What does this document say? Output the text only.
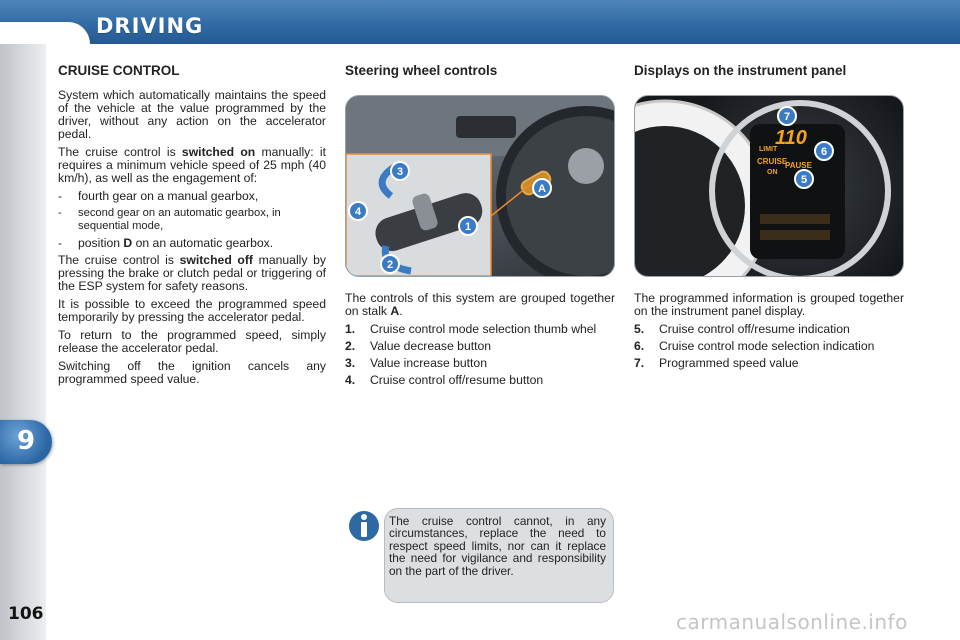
DRIVING
9
106	carmanualsonline.info
CRUISE CONTROL

System which automatically maintains the speed of the vehicle at the value programmed by the driver, without any action on the accelerator pedal.

The cruise control is switched on manually: it requires a minimum vehicle speed of 25 mph (40 km/h), as well as the engagement of:

-	fourth gear on a manual gearbox,
-	second gear on an automatic gearbox, in sequential mode,
-	position D on an automatic gearbox.

The cruise control is switched off manually by pressing the brake or clutch pedal or triggering of the ESP system for safety reasons.

It is possible to exceed the programmed speed temporarily by pressing the accelerator pedal.

To return to the programmed speed, simply release the accelerator pedal.

Switching off the ignition cancels any programmed speed value.

Steering wheel controls
1
2
3
4
A

The controls of this system are grouped together on stalk A.

1.	Cruise control mode selection thumb whel
2.	Value decrease button
3.	Value increase button
4.	Cruise control off/resume button
Displays on the instrument panel
110
LIMIT
CRUISE
ON
PAUSE
7
6
5

The programmed information is grouped together on the instrument panel display.

5.	Cruise control off/resume indication
6.	Cruise control mode selection indication
7.	Programmed speed value
The cruise control cannot, in any circumstances, replace the need to respect speed limits, nor can it replace the need for vigilance and responsibility on the part of the driver.
